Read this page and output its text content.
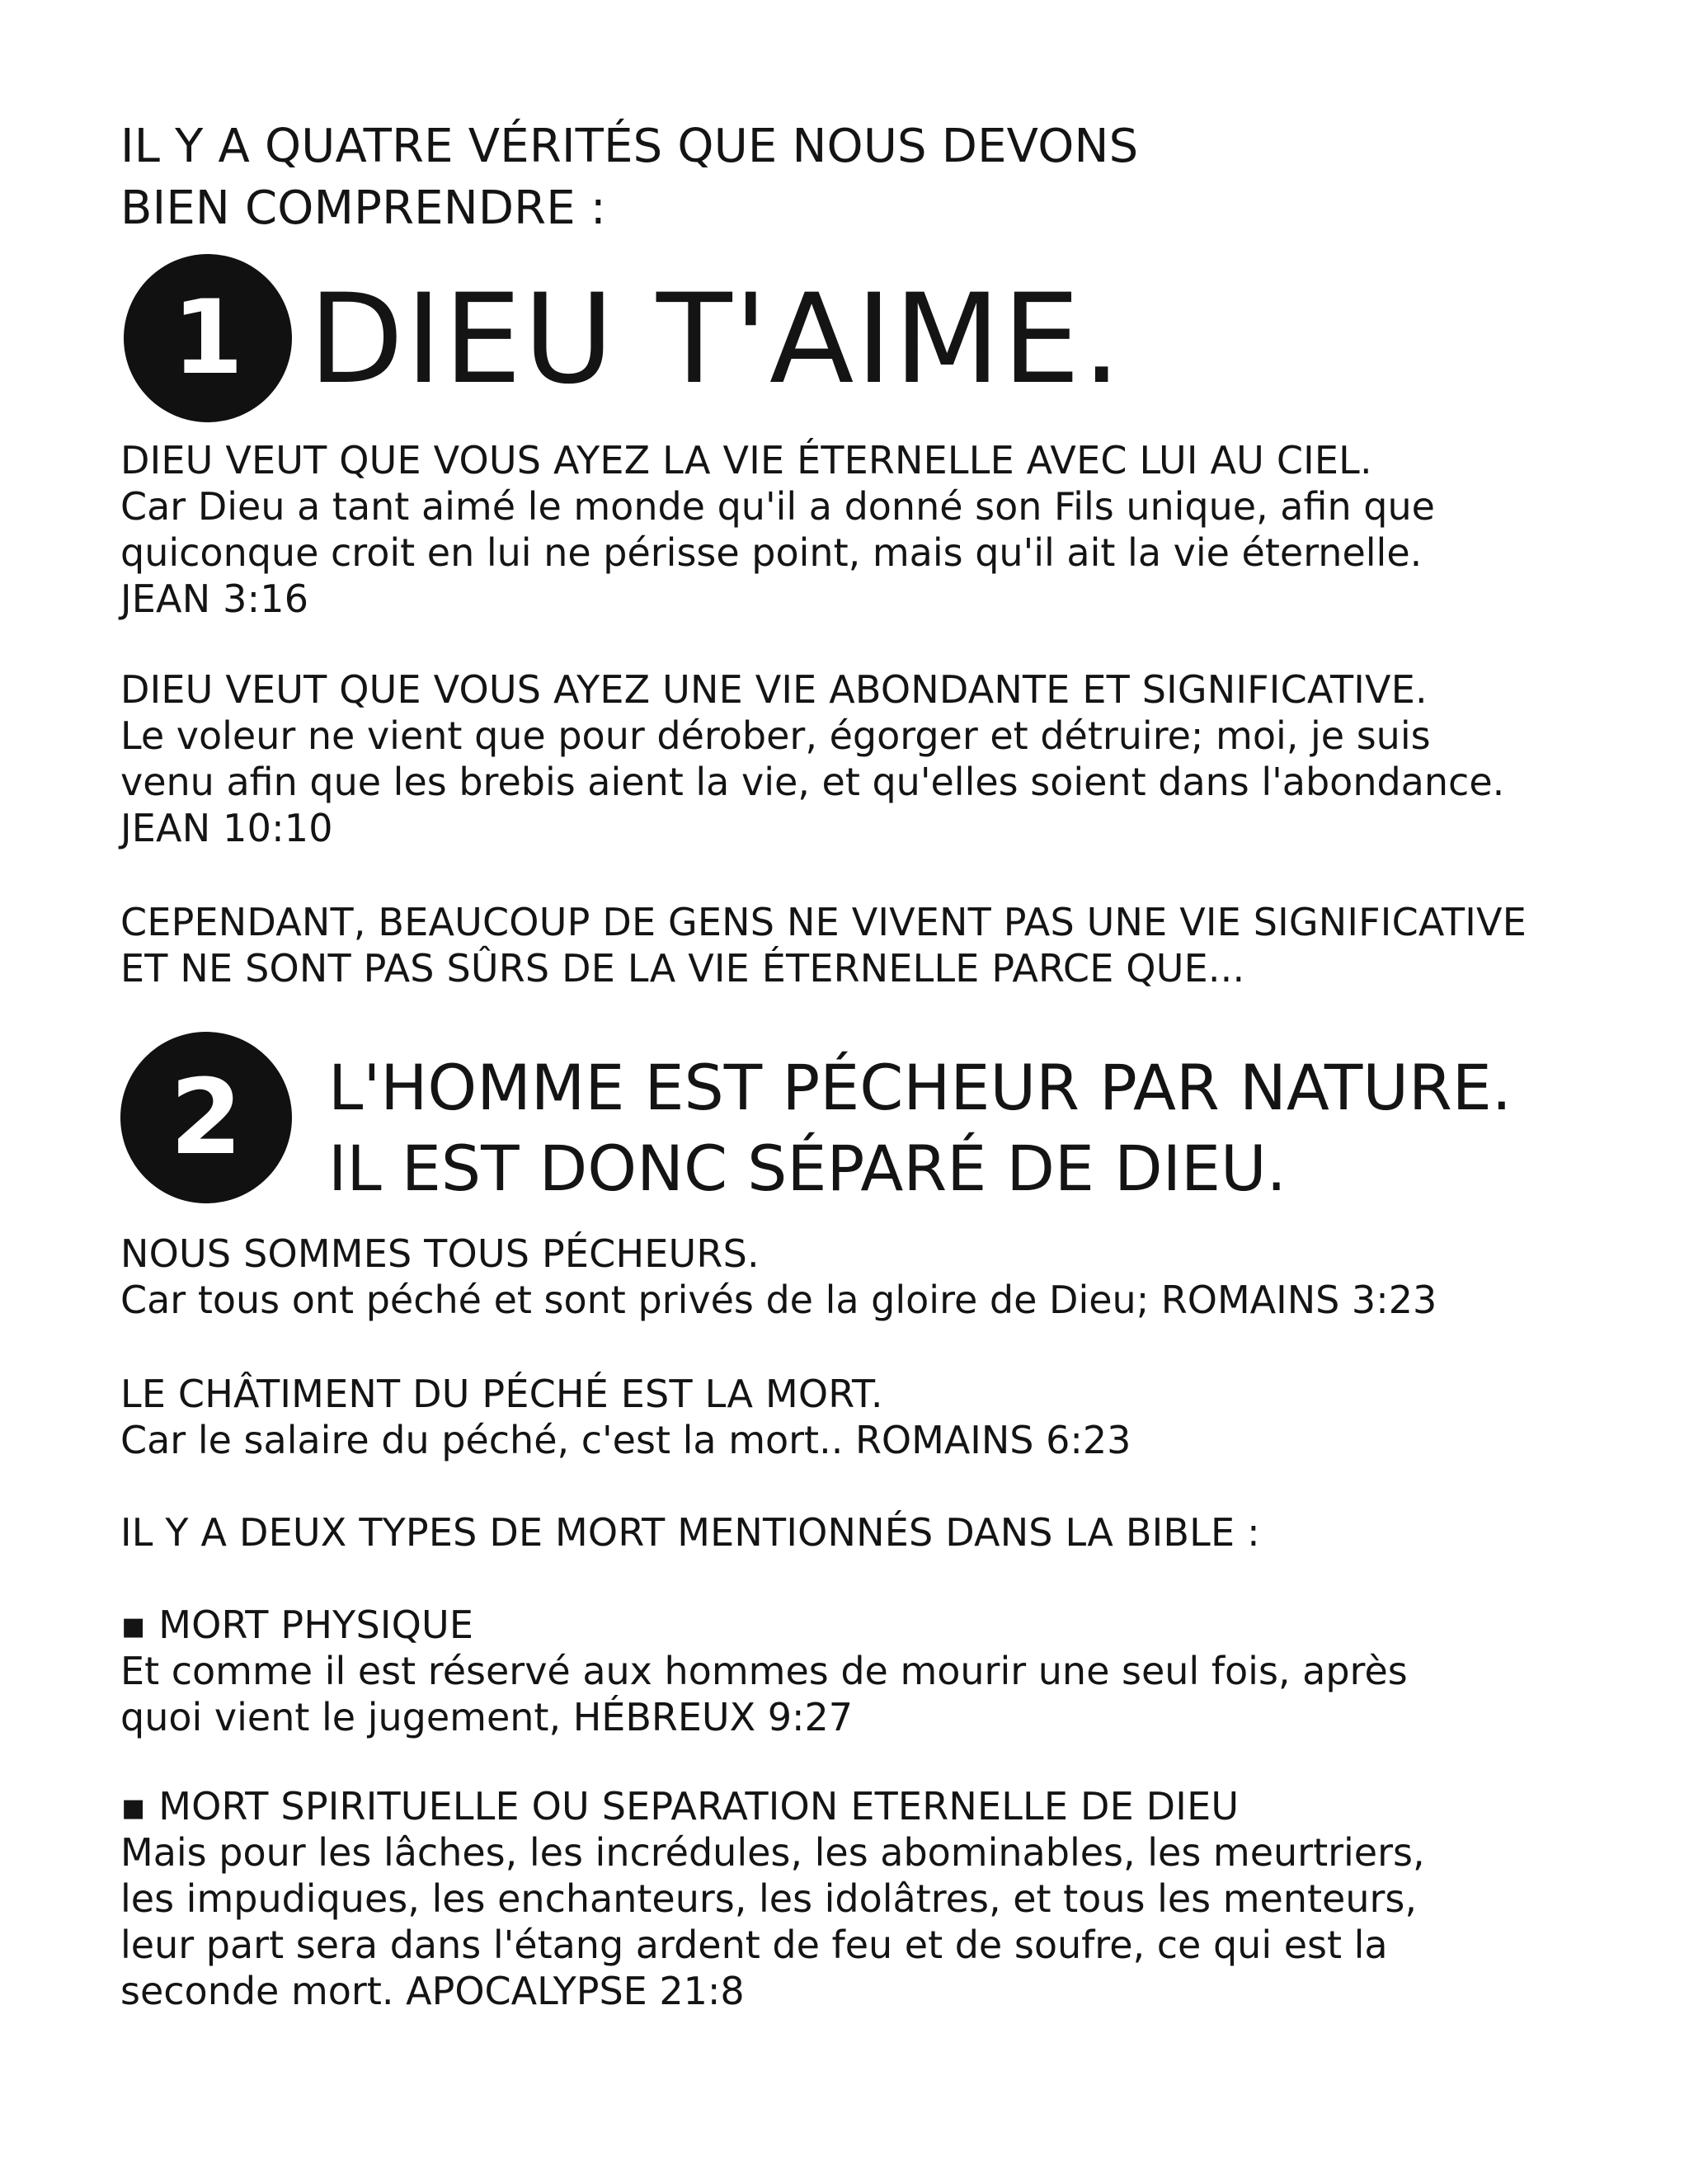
IL Y A QUATRE VÉRITÉS QUE NOUS DEVONS
BIEN COMPRENDRE :
1 DIEU T'AIME.
DIEU VEUT QUE VOUS AYEZ LA VIE ÉTERNELLE AVEC LUI AU CIEL.
Car Dieu a tant aimé le monde qu'il a donné son Fils unique, afin que
quiconque croit en lui ne périsse point, mais qu'il ait la vie éternelle.
JEAN 3:16
DIEU VEUT QUE VOUS AYEZ UNE VIE ABONDANTE ET SIGNIFICATIVE.
Le voleur ne vient que pour dérober, égorger et détruire; moi, je suis
venu afin que les brebis aient la vie, et qu'elles soient dans l'abondance.
JEAN 10:10
CEPENDANT, BEAUCOUP DE GENS NE VIVENT PAS UNE VIE SIGNIFICATIVE
ET NE SONT PAS SÛRS DE LA VIE ÉTERNELLE PARCE QUE...
2	L'HOMME EST PÉCHEUR PAR NATURE.
IL EST DONC SÉPARÉ DE DIEU.
NOUS SOMMES TOUS PÉCHEURS.
Car tous ont péché et sont privés de la gloire de Dieu; ROMAINS 3:23
LE CHÂTIMENT DU PÉCHÉ EST LA MORT.
Car le salaire du péché, c'est la mort.. ROMAINS 6:23
IL Y A DEUX TYPES DE MORT MENTIONNÉS DANS LA BIBLE :
▪ MORT PHYSIQUE
Et comme il est réservé aux hommes de mourir une seul fois, après
quoi vient le jugement, HÉBREUX 9:27
▪ MORT SPIRITUELLE OU SEPARATION ETERNELLE DE DIEU
Mais pour les lâches, les incrédules, les abominables, les meurtriers,
les impudiques, les enchanteurs, les idolâtres, et tous les menteurs,
leur part sera dans l'étang ardent de feu et de soufre, ce qui est la
seconde mort. APOCALYPSE 21:8
